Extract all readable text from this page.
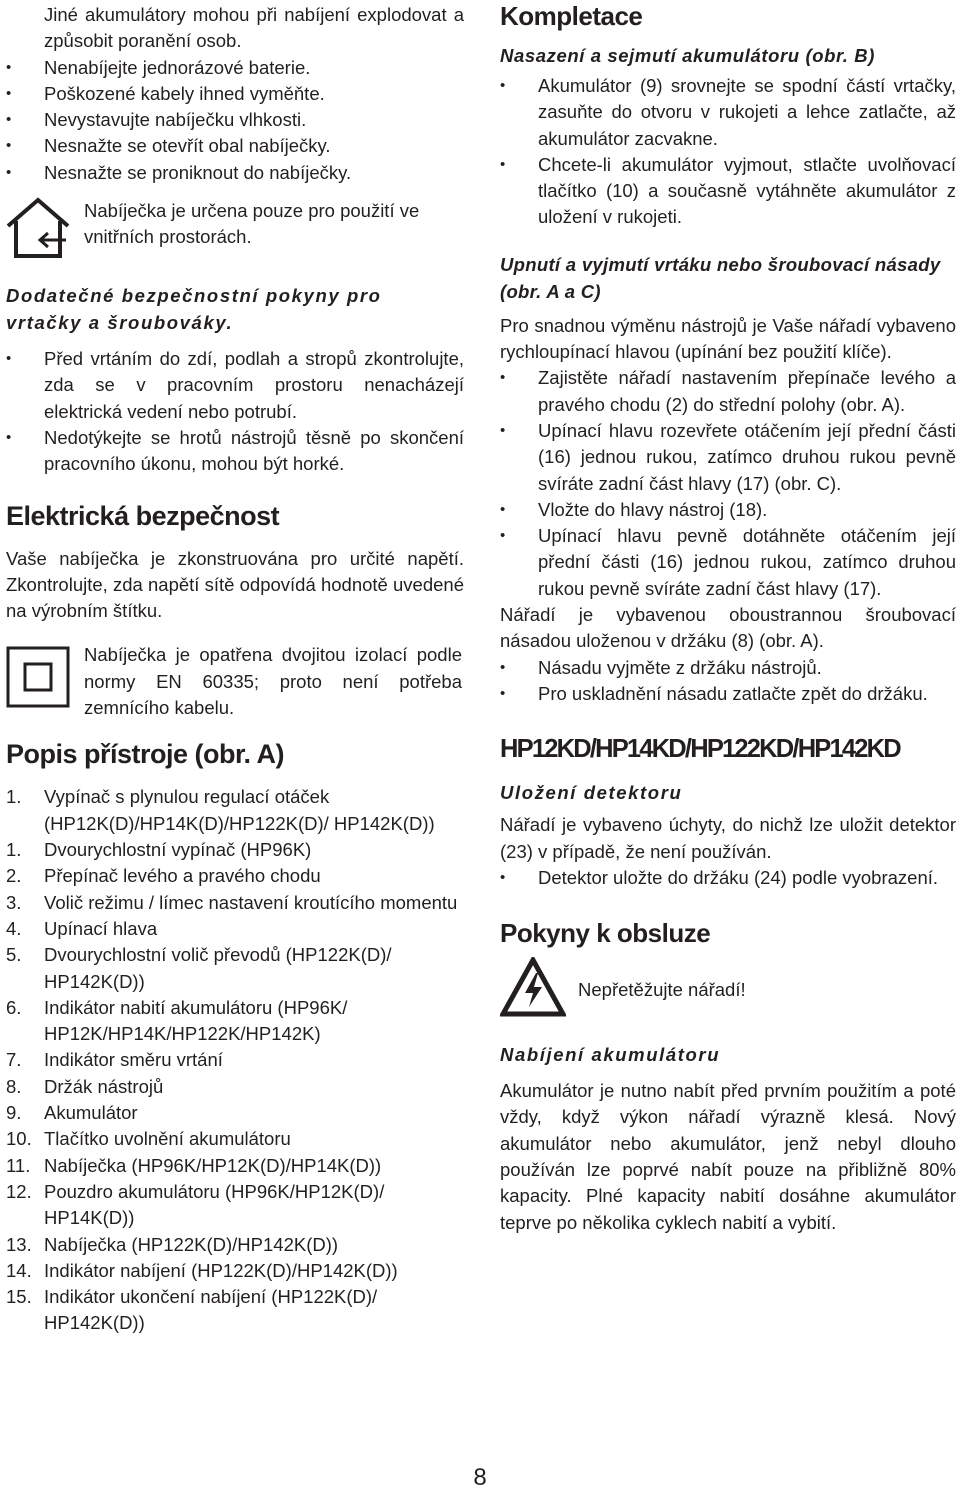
Jiné akumulátory mohou při nabíjení explodovat a způsobit poranění osob.

• Nenabíjejte jednorázové baterie.
• Poškozené kabely ihned vyměňte.
• Nevystavujte nabíječku vlhkosti.
• Nesnažte se otevřít obal nabíječky.
• Nesnažte se proniknout do nabíječky.

Nabíječka je určena pouze pro použití ve vnitřních prostorách.

Dodatečné bezpečnostní pokyny pro vrtačky a šroubováky.

• Před vrtáním do zdí, podlah a stropů zkontrolujte, zda se v pracovním prostoru nenacházejí elektrická vedení nebo potrubí.
• Nedotýkejte se hrotů nástrojů těsně po skončení pracovního úkonu, mohou být horké.

Elektrická bezpečnost

Vaše nabíječka je zkonstruována pro určité napětí. Zkontrolujte, zda napětí sítě odpovídá hodnotě uvedené na výrobním štítku.

Nabíječka je opatřena dvojitou izolací podle normy EN 60335; proto není potřeba zemnícího kabelu.

Popis přístroje (obr. A)

1. Vypínač s plynulou regulací otáček (HP12K(D)/HP14K(D)/HP122K(D)/ HP142K(D))
1. Dvourychlostní vypínač (HP96K)
2. Přepínač levého a pravého chodu
3. Volič režimu / límec nastavení kroutícího momentu
4. Upínací hlava
5. Dvourychlostní volič převodů (HP122K(D)/ HP142K(D))
6. Indikátor nabití akumulátoru (HP96K/ HP12K/HP14K/HP122K/HP142K)
7. Indikátor směru vrtání
8. Držák nástrojů
9. Akumulátor
10. Tlačítko uvolnění akumulátoru
11. Nabíječka (HP96K/HP12K(D)/HP14K(D))
12. Pouzdro akumulátoru (HP96K/HP12K(D)/ HP14K(D))
13. Nabíječka (HP122K(D)/HP142K(D))
14. Indikátor nabíjení (HP122K(D)/HP142K(D))
15. Indikátor ukončení nabíjení (HP122K(D)/ HP142K(D))

Kompletace

Nasazení a sejmutí akumulátoru (obr. B)

• Akumulátor (9) srovnejte se spodní částí vrtačky, zasuňte do otvoru v rukojeti a lehce zatlačte, až akumulátor zacvakne.
• Chcete-li akumulátor vyjmout, stlačte uvolňovací tlačítko (10) a současně vytáhněte akumulátor z uložení v rukojeti.

Upnutí a vyjmutí vrtáku nebo šroubovací násady (obr. A a C)

Pro snadnou výměnu nástrojů je Vaše nářadí vybaveno rychloupínací hlavou (upínání bez použití klíče).

• Zajistěte nářadí nastavením přepínače levého a pravého chodu (2) do střední polohy (obr. A).
• Upínací hlavu rozevřete otáčením její přední části (16) jednou rukou, zatímco druhou rukou pevně svíráte zadní část hlavy (17) (obr. C).
• Vložte do hlavy nástroj (18).
• Upínací hlavu pevně dotáhněte otáčením její přední části (16) jednou rukou, zatímco druhou rukou pevně svíráte zadní část hlavy (17).

Nářadí je vybavenou oboustrannou šroubovací násadou uloženou v držáku (8) (obr. A).

• Násadu vyjměte z držáku nástrojů.
• Pro uskladnění násadu zatlačte zpět do držáku.

HP12KD/HP14KD/HP122KD/HP142KD

Uložení detektoru

Nářadí je vybaveno úchyty, do nichž lze uložit detektor (23) v případě, že není používán.

• Detektor uložte do držáku (24) podle vyobrazení.

Pokyny k obsluze

Nepřetěžujte nářadí!

Nabíjení akumulátoru

Akumulátor je nutno nabít před prvním použitím a poté vždy, když výkon nářadí výrazně klesá. Nový akumulátor nebo akumulátor, jenž nebyl dlouho používán lze poprvé nabít pouze na přibližně 80% kapacity. Plné kapacity nabití dosáhne akumulátor teprve po několika cyklech nabití a vybití.

8
